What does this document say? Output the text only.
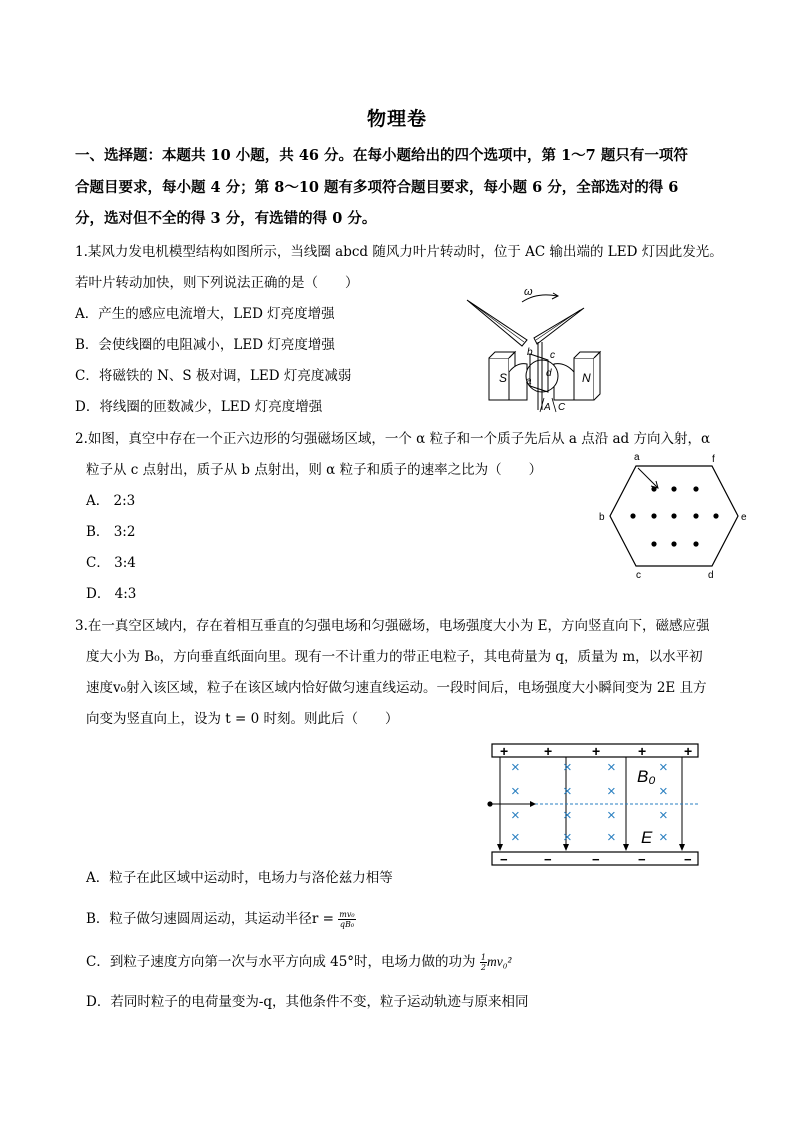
物理卷
一、选择题：本题共 10 小题，共 46 分。在每小题给出的四个选项中，第 1～7 题只有一项符
合题目要求，每小题 4 分；第 8～10 题有多项符合题目要求，每小题 6 分，全部选对的得 6
分，选对但不全的得 3 分，有选错的得 0 分。
1.某风力发电机模型结构如图所示，当线圈 abcd 随风力叶片转动时，位于 AC 输出端的 LED 灯因此发光。
若叶片转动加快，则下列说法正确的是（　　）
A．产生的感应电流增大，LED 灯亮度增强
B．会使线圈的电阻减小，LED 灯亮度增强
C．将磁铁的 N、S 极对调，LED 灯亮度减弱
D．将线圈的匝数减少，LED 灯亮度增强
ω
S	N
b c
a
d
A C
2.如图，真空中存在一个正六边形的匀强磁场区域，一个 α 粒子和一个质子先后从 a 点沿 ad 方向入射，α
粒子从 c 点射出，质子从 b 点射出，则 α 粒子和质子的速率之比为（　　）
A． 2:3
B． 3:2
C． 3:4
D． 4:3
a	f
b	e
c	d
3.在一真空区域内，存在着相互垂直的匀强电场和匀强磁场，电场强度大小为 E，方向竖直向下，磁感应强
度大小为 B₀，方向垂直纸面向里。现有一不计重力的带正电粒子，其电荷量为 q，质量为 m，以水平初
速度v₀射入该区域，粒子在该区域内恰好做匀速直线运动。一段时间后，电场强度大小瞬间变为 2E 且方
向变为竖直向上，设为 t = 0 时刻。则此后（　　）
+	+	+	+	+
−	−	−	−	−
×
×
×
×
×
×
×
×
×
×
×
×
×
×
×
×
B₀
E
A．粒子在此区域中运动时，电场力与洛伦兹力相等
B．粒子做匀速圆周运动，其运动半径$r = \frac{\text{mv₀}}{\text{qB₀}}$
C．到粒子速度方向第一次与水平方向成 45°时，电场力做的功为 $\frac{1}{2} mv_0^2$
D．若同时粒子的电荷量变为-q，其他条件不变，粒子运动轨迹与原来相同
